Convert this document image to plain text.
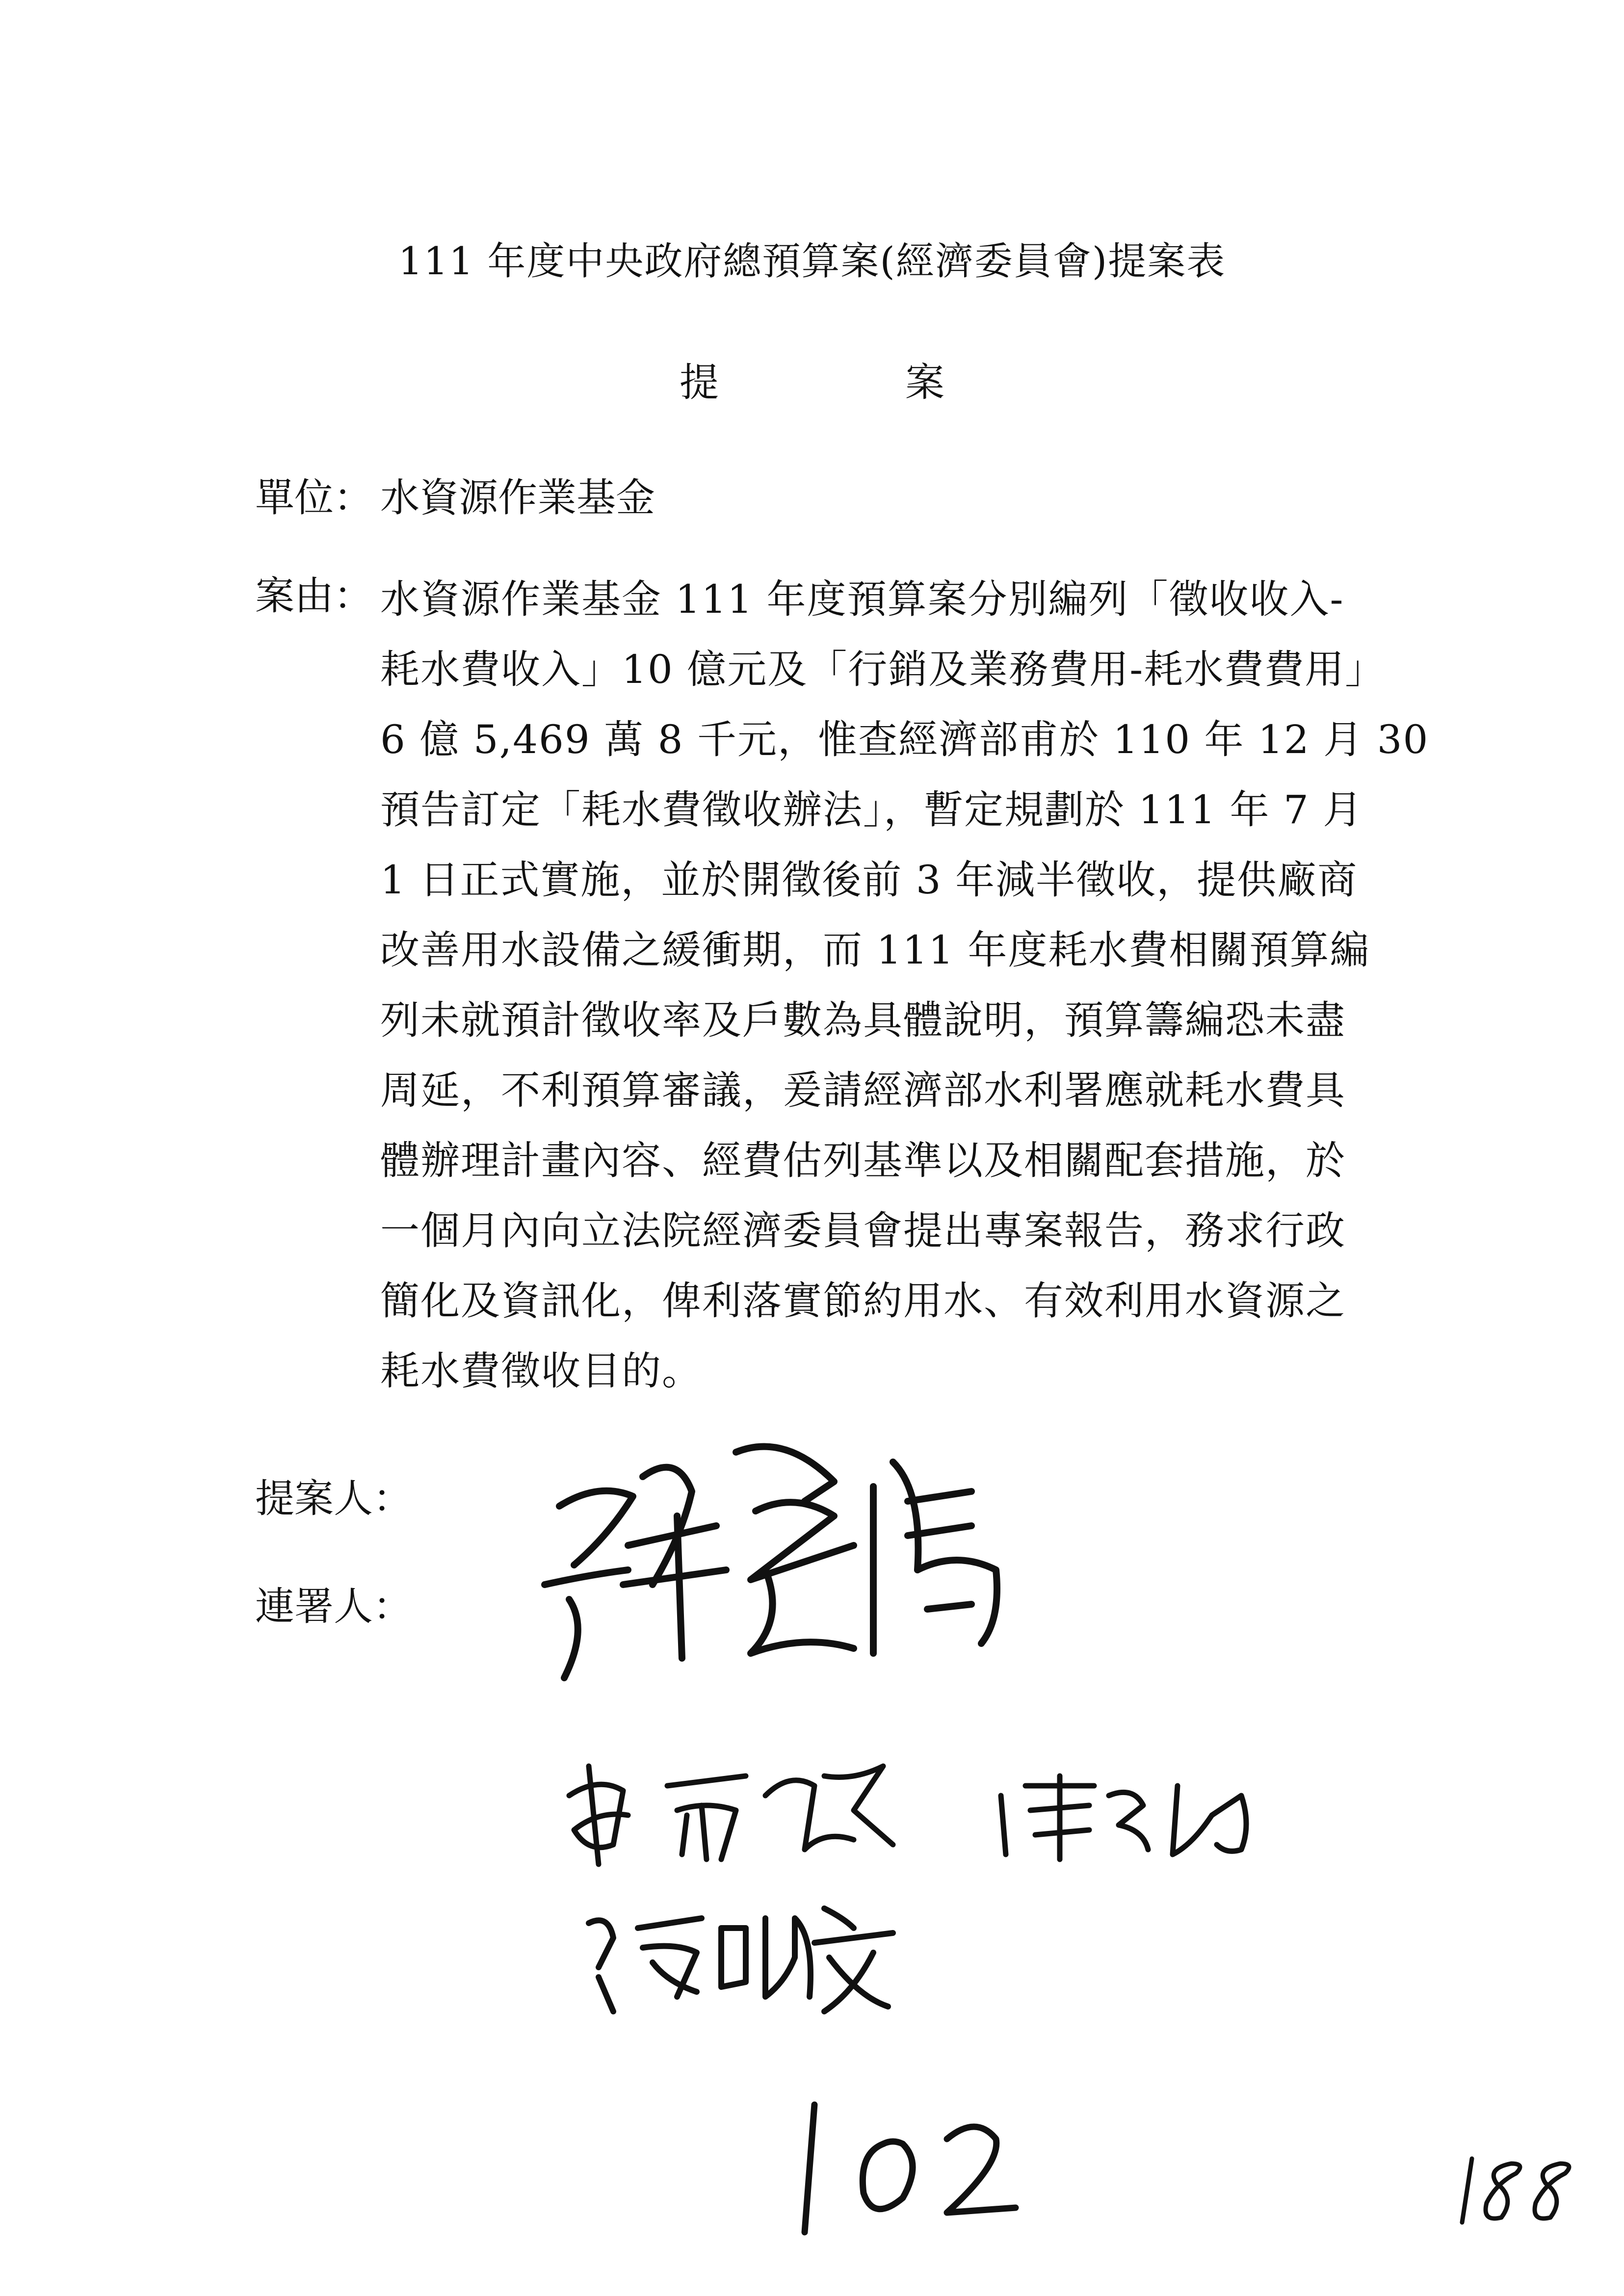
111 年度中央政府總預算案(經濟委員會)提案表
提　案
單位： 水資源作業基金
案由： 水資源作業基金 111 年度預算案分別編列「徵收收入-
耗水費收入」10 億元及「行銷及業務費用-耗水費費用」
6 億 5,469 萬 8 千元，惟查經濟部甫於 110 年 12 月 30
預告訂定「耗水費徵收辦法」，暫定規劃於 111 年 7 月
1 日正式實施，並於開徵後前 3 年減半徵收，提供廠商
改善用水設備之緩衝期，而 111 年度耗水費相關預算編
列未就預計徵收率及戶數為具體說明，預算籌編恐未盡
周延，不利預算審議，爰請經濟部水利署應就耗水費具
體辦理計畫內容、經費估列基準以及相關配套措施，於
一個月內向立法院經濟委員會提出專案報告，務求行政
簡化及資訊化，俾利落實節約用水、有效利用水資源之
耗水費徵收目的。
提案人：
連署人：
